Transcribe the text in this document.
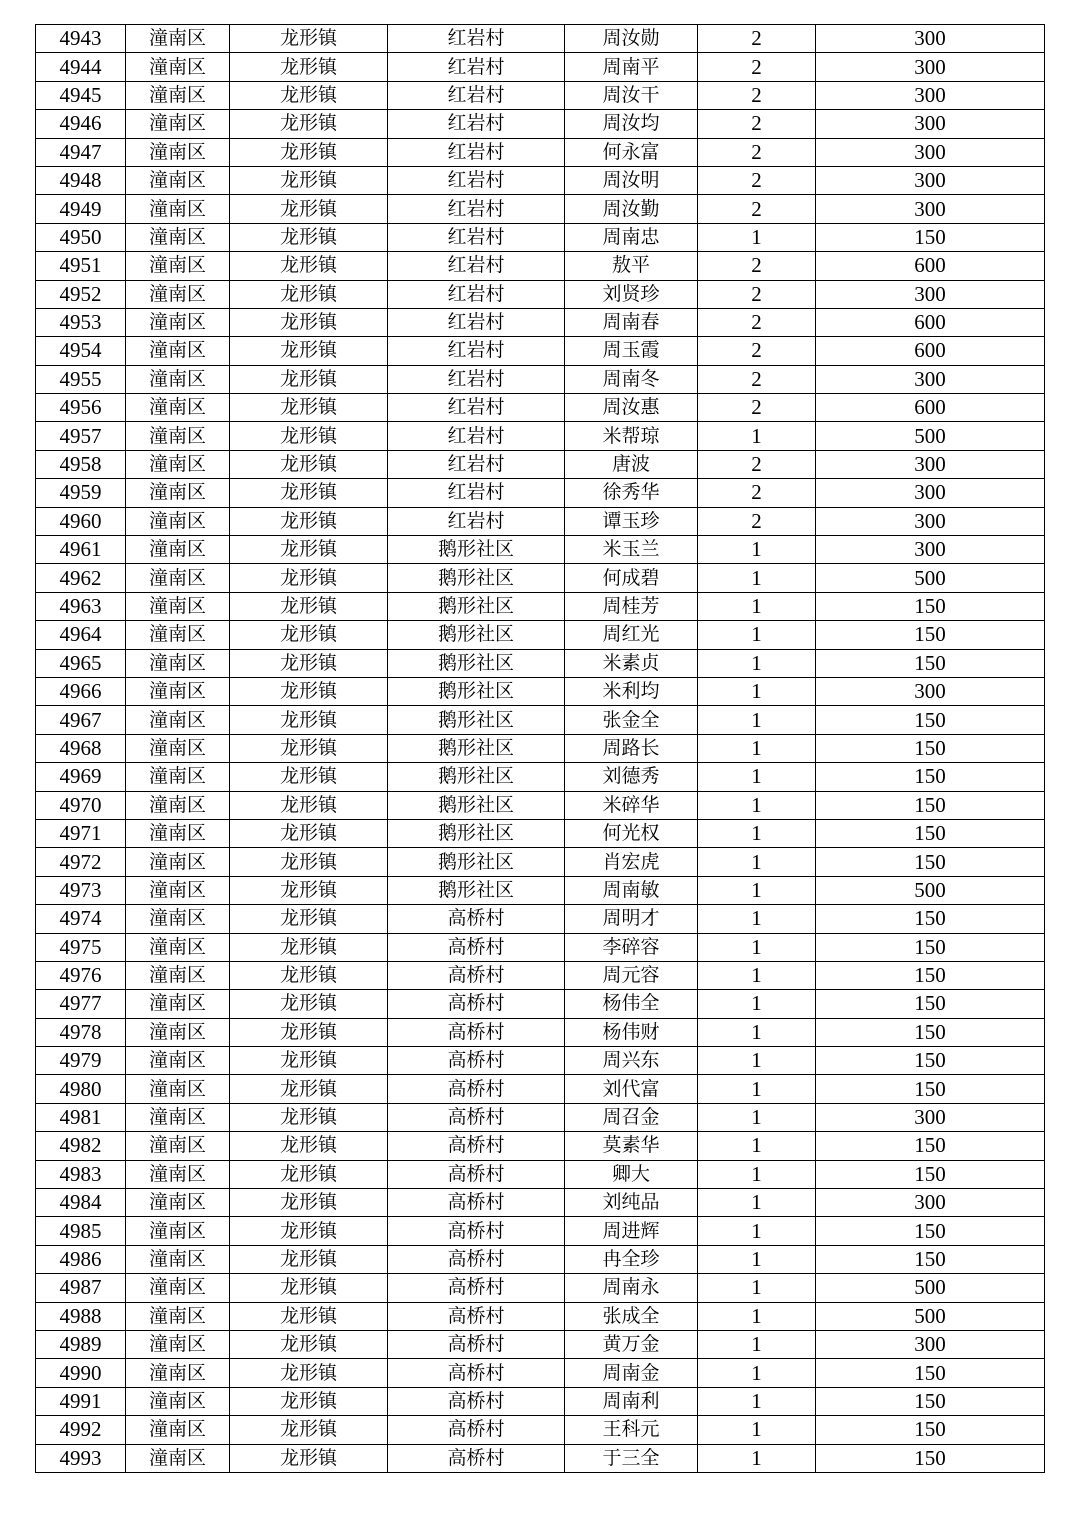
4943	潼南区	龙形镇	红岩村	周汝勋	2	300
4944	潼南区	龙形镇	红岩村	周南平	2	300
4945	潼南区	龙形镇	红岩村	周汝干	2	300
4946	潼南区	龙形镇	红岩村	周汝均	2	300
4947	潼南区	龙形镇	红岩村	何永富	2	300
4948	潼南区	龙形镇	红岩村	周汝明	2	300
4949	潼南区	龙形镇	红岩村	周汝勤	2	300
4950	潼南区	龙形镇	红岩村	周南忠	1	150
4951	潼南区	龙形镇	红岩村	敖平	2	600
4952	潼南区	龙形镇	红岩村	刘贤珍	2	300
4953	潼南区	龙形镇	红岩村	周南春	2	600
4954	潼南区	龙形镇	红岩村	周玉霞	2	600
4955	潼南区	龙形镇	红岩村	周南冬	2	300
4956	潼南区	龙形镇	红岩村	周汝惠	2	600
4957	潼南区	龙形镇	红岩村	米帮琼	1	500
4958	潼南区	龙形镇	红岩村	唐波	2	300
4959	潼南区	龙形镇	红岩村	徐秀华	2	300
4960	潼南区	龙形镇	红岩村	谭玉珍	2	300
4961	潼南区	龙形镇	鹅形社区	米玉兰	1	300
4962	潼南区	龙形镇	鹅形社区	何成碧	1	500
4963	潼南区	龙形镇	鹅形社区	周桂芳	1	150
4964	潼南区	龙形镇	鹅形社区	周红光	1	150
4965	潼南区	龙形镇	鹅形社区	米素贞	1	150
4966	潼南区	龙形镇	鹅形社区	米利均	1	300
4967	潼南区	龙形镇	鹅形社区	张金全	1	150
4968	潼南区	龙形镇	鹅形社区	周路长	1	150
4969	潼南区	龙形镇	鹅形社区	刘德秀	1	150
4970	潼南区	龙形镇	鹅形社区	米碎华	1	150
4971	潼南区	龙形镇	鹅形社区	何光权	1	150
4972	潼南区	龙形镇	鹅形社区	肖宏虎	1	150
4973	潼南区	龙形镇	鹅形社区	周南敏	1	500
4974	潼南区	龙形镇	高桥村	周明才	1	150
4975	潼南区	龙形镇	高桥村	李碎容	1	150
4976	潼南区	龙形镇	高桥村	周元容	1	150
4977	潼南区	龙形镇	高桥村	杨伟全	1	150
4978	潼南区	龙形镇	高桥村	杨伟财	1	150
4979	潼南区	龙形镇	高桥村	周兴东	1	150
4980	潼南区	龙形镇	高桥村	刘代富	1	150
4981	潼南区	龙形镇	高桥村	周召金	1	300
4982	潼南区	龙形镇	高桥村	莫素华	1	150
4983	潼南区	龙形镇	高桥村	卿大	1	150
4984	潼南区	龙形镇	高桥村	刘纯品	1	300
4985	潼南区	龙形镇	高桥村	周进辉	1	150
4986	潼南区	龙形镇	高桥村	冉全珍	1	150
4987	潼南区	龙形镇	高桥村	周南永	1	500
4988	潼南区	龙形镇	高桥村	张成全	1	500
4989	潼南区	龙形镇	高桥村	黄万金	1	300
4990	潼南区	龙形镇	高桥村	周南金	1	150
4991	潼南区	龙形镇	高桥村	周南利	1	150
4992	潼南区	龙形镇	高桥村	王科元	1	150
4993	潼南区	龙形镇	高桥村	于三全	1	150
